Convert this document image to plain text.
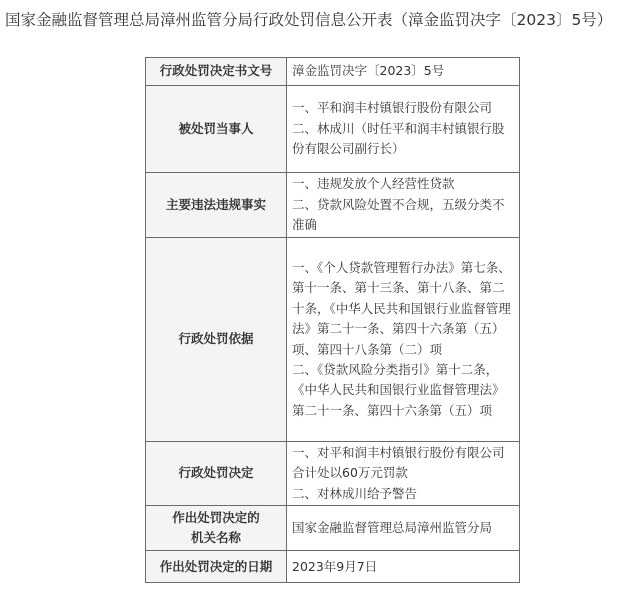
国家金融监督管理总局漳州监管分局行政处罚信息公开表（漳金监罚决字〔2023〕5号）
行政处罚决定书文号	漳金监罚决字〔2023〕5号

被处罚当事人	一、平和润丰村镇银行股份有限公司
二、林成川（时任平和润丰村镇银行股份有限公司副行长）

主要违法违规事实	一、违规发放个人经营性贷款
二、贷款风险处置不合规，五级分类不准确

行政处罚依据	一、《个人贷款管理暂行办法》第七条、第十一条、第十三条、第十八条、第二十条，《中华人民共和国银行业监督管理法》第二十一条、第四十六条第（五）项、第四十八条第（二）项
二、《贷款风险分类指引》第十二条，《中华人民共和国银行业监督管理法》第二十一条、第四十六条第（五）项

行政处罚决定	一、对平和润丰村镇银行股份有限公司合计处以60万元罚款
二、对林成川给予警告

作出处罚决定的
机关名称	国家金融监督管理总局漳州监管分局

作出处罚决定的日期	2023年9月7日
